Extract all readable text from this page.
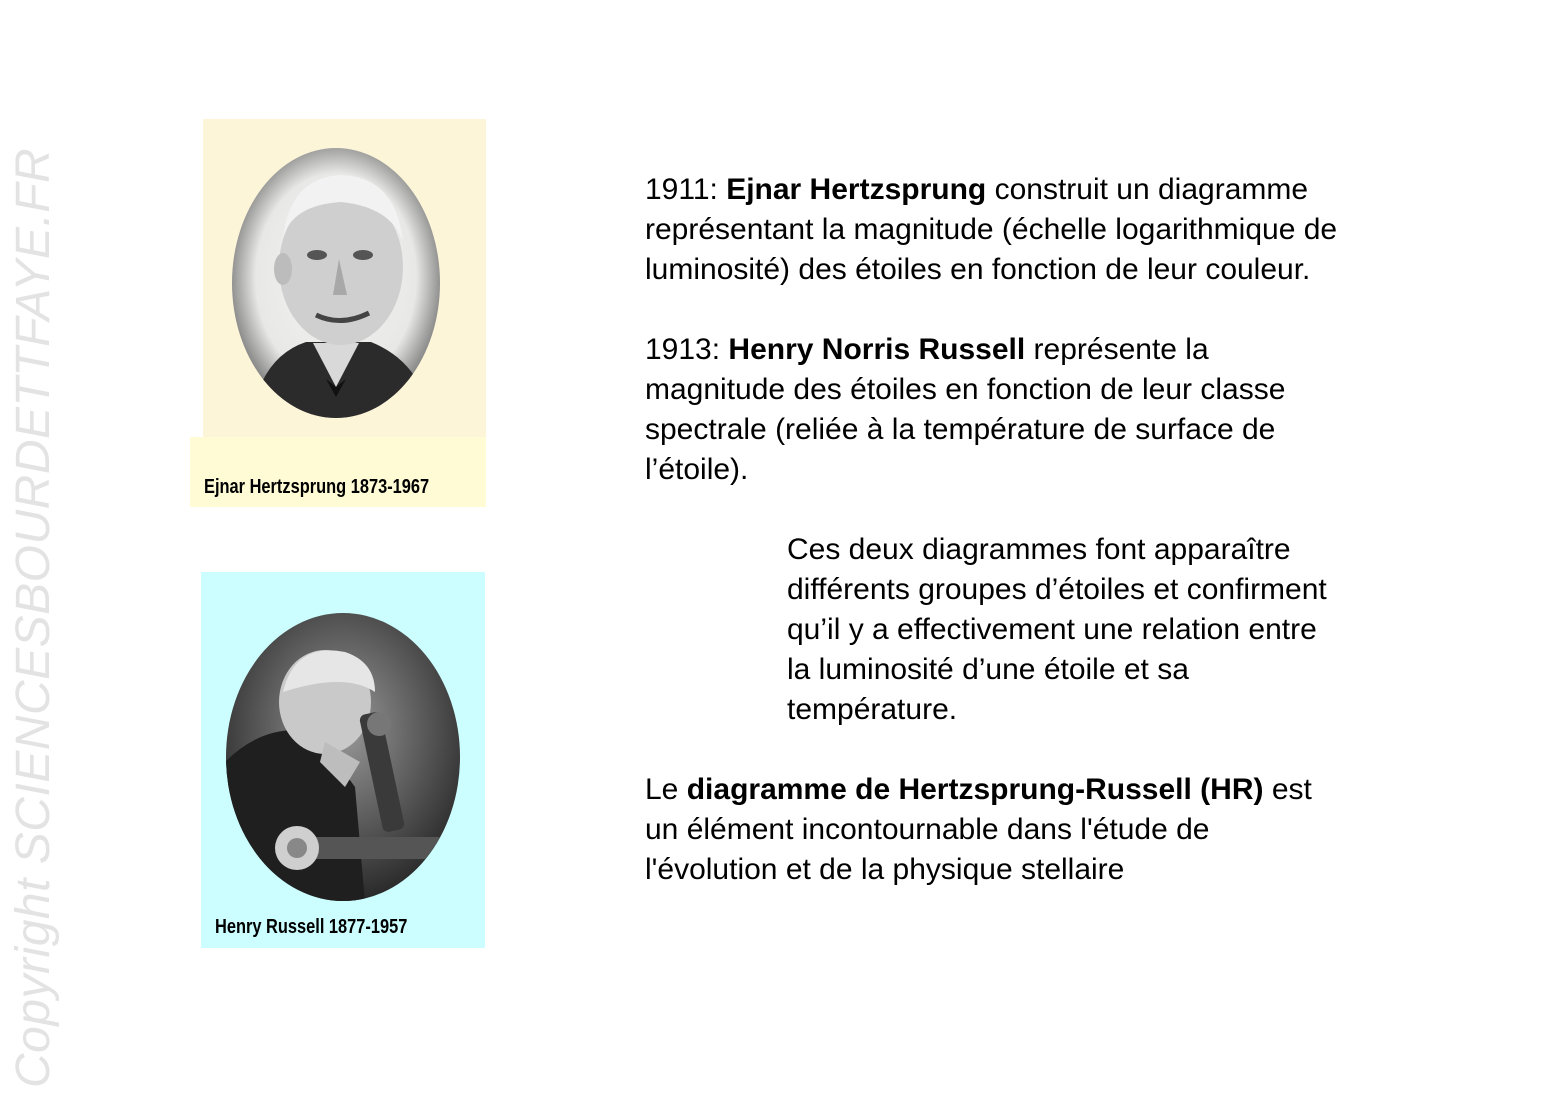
Copyright SCIENCESBOURDETTFAYE.FR	Ejnar Hertzsprung 1873-1967
Henry Russell 1877-1957

1911: Ejnar Hertzsprung construit un diagramme représentant la magnitude (échelle logarithmique de luminosité) des étoiles en fonction de leur couleur.

1913: Henry Norris Russell représente la magnitude des étoiles en fonction de leur classe spectrale (reliée à la température de surface de l’étoile).

Ces deux diagrammes font apparaître différents groupes d’étoiles et confirment qu’il y a effectivement une relation entre la luminosité d’une étoile et sa température.

Le diagramme de Hertzsprung-Russell (HR) est un élément incontournable dans l'étude de l'évolution et de la physique stellaire
